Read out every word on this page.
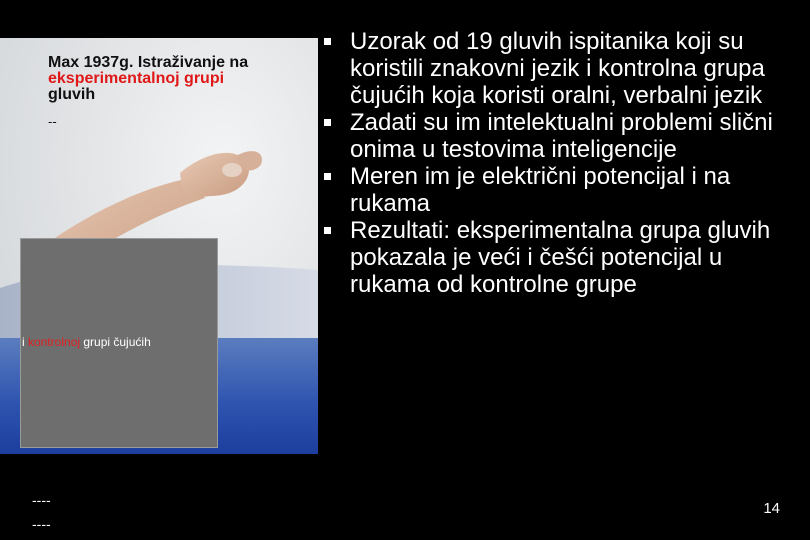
Max 1937g. Istraživanje na

eksperimentalnoj grupi
gluvih
--
i kontrolnoj grupi čujućih
----
----
Uzorak od 19 gluvih ispitanika koji su koristili znakovni jezik i kontrolna grupa čujućih koja koristi oralni, verbalni jezik
Zadati su im intelektualni problemi slični onima u testovima inteligencije
Meren im je električni potencijal i na rukama
Rezultati: eksperimentalna grupa gluvih pokazala je veći i češći potencijal u rukama od kontrolne grupe
14
